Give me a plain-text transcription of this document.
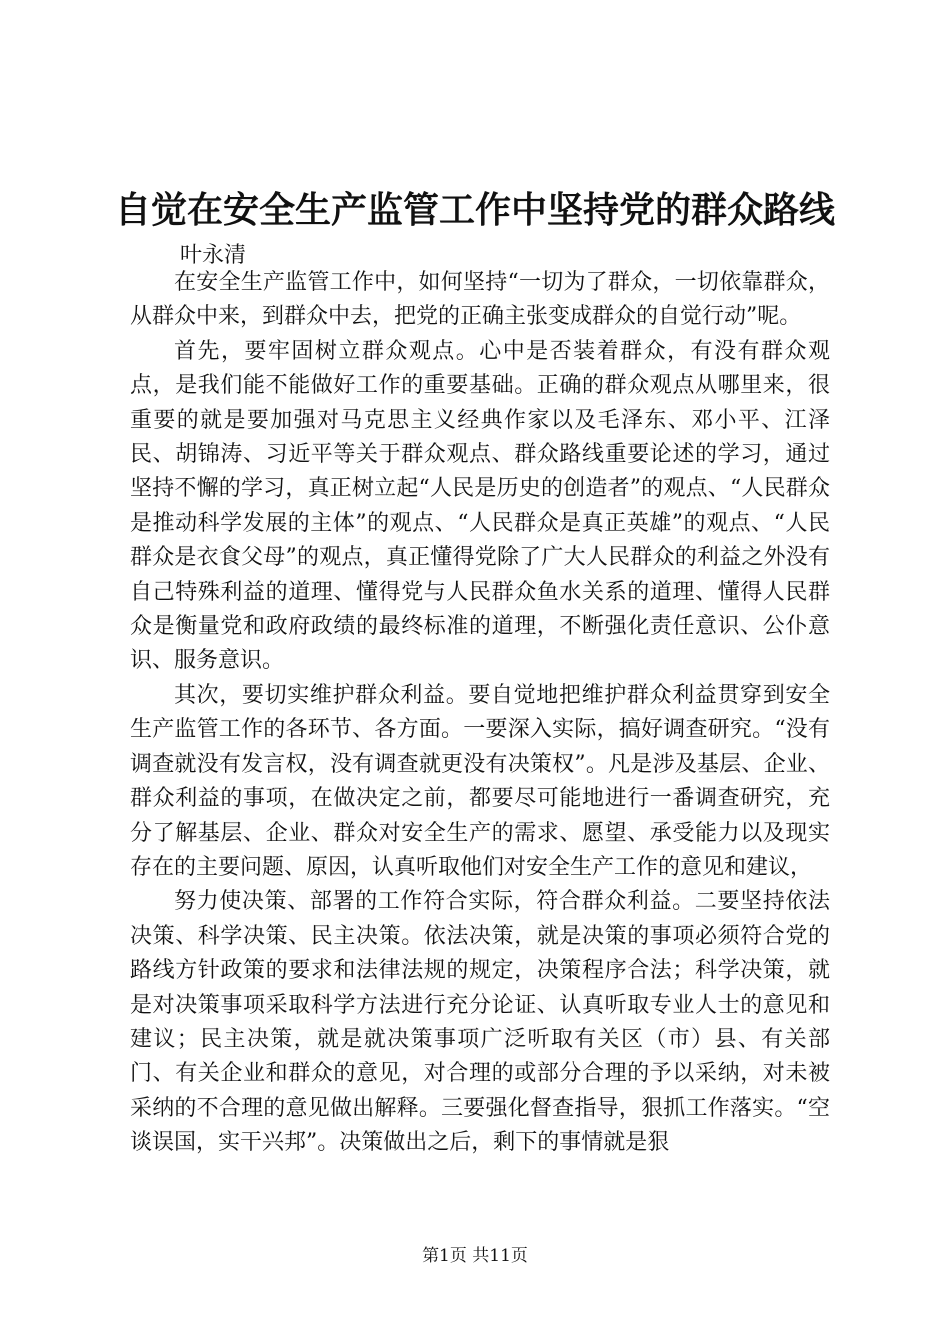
自觉在安全生产监管工作中坚持党的群众路线

叶永清

在安全生产监管工作中，如何坚持“一切为了群众，一切依靠群众，从群众中来，到群众中去，把党的正确主张变成群众的自觉行动”呢。

首先，要牢固树立群众观点。心中是否装着群众，有没有群众观点，是我们能不能做好工作的重要基础。正确的群众观点从哪里来，很重要的就是要加强对马克思主义经典作家以及毛泽东、邓小平、江泽民、胡锦涛、习近平等关于群众观点、群众路线重要论述的学习，通过坚持不懈的学习，真正树立起“人民是历史的创造者”的观点、“人民群众是推动科学发展的主体”的观点、“人民群众是真正英雄”的观点、“人民群众是衣食父母”的观点，真正懂得党除了广大人民群众的利益之外没有自己特殊利益的道理、懂得党与人民群众鱼水关系的道理、懂得人民群众是衡量党和政府政绩的最终标准的道理，不断强化责任意识、公仆意识、服务意识。

其次，要切实维护群众利益。要自觉地把维护群众利益贯穿到安全生产监管工作的各环节、各方面。一要深入实际，搞好调查研究。“没有调查就没有发言权，没有调查就更没有决策权”。凡是涉及基层、企业、群众利益的事项，在做决定之前，都要尽可能地进行一番调查研究，充分了解基层、企业、群众对安全生产的需求、愿望、承受能力以及现实存在的主要问题、原因，认真听取他们对安全生产工作的意见和建议，

努力使决策、部署的工作符合实际，符合群众利益。二要坚持依法决策、科学决策、民主决策。依法决策，就是决策的事项必须符合党的路线方针政策的要求和法律法规的规定，决策程序合法；科学决策，就是对决策事项采取科学方法进行充分论证、认真听取专业人士的意见和建议；民主决策，就是就决策事项广泛听取有关区（市）县、有关部门、有关企业和群众的意见，对合理的或部分合理的予以采纳，对未被采纳的不合理的意见做出解释。三要强化督查指导，狠抓工作落实。“空谈误国，实干兴邦”。决策做出之后，剩下的事情就是狠

第1页 共11页
